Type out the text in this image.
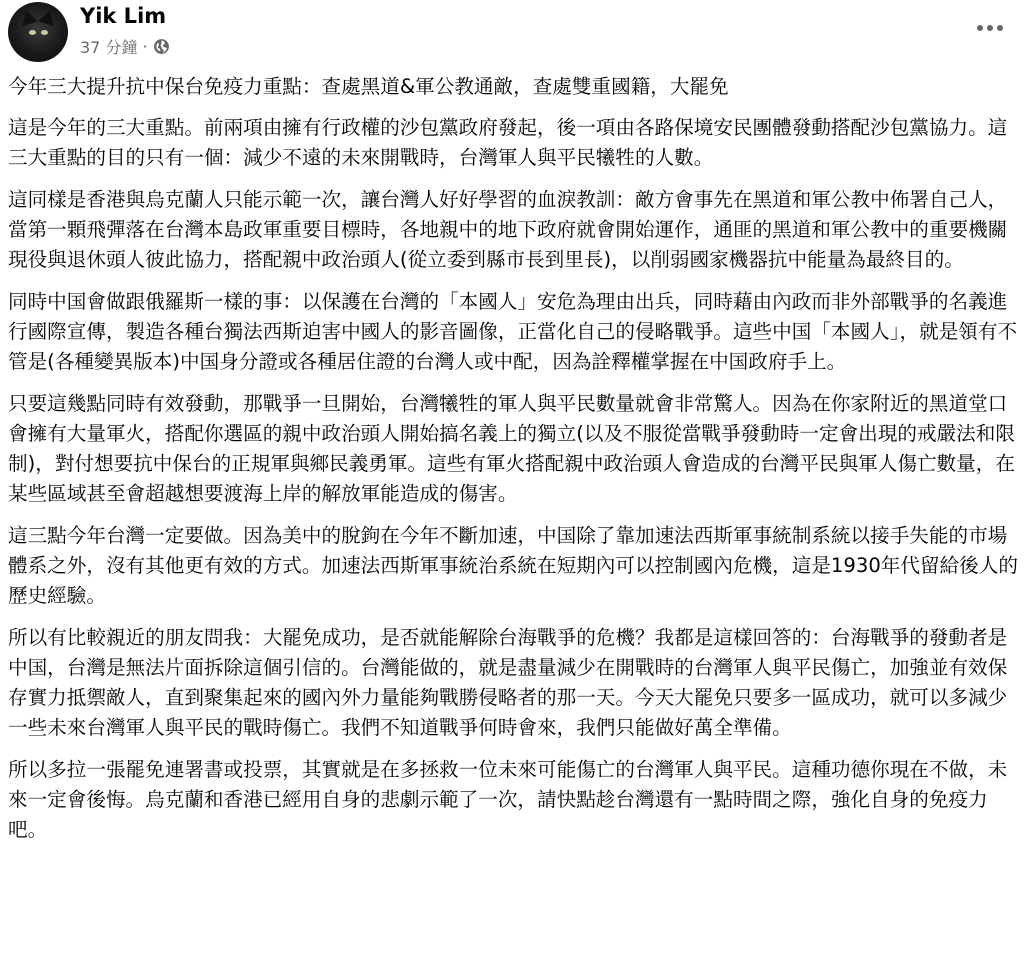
Yik Lim
37 分鐘 ·

今年三大提升抗中保台免疫力重點：查處黑道&軍公教通敵，查處雙重國籍，大罷免

這是今年的三大重點。前兩項由擁有行政權的沙包黨政府發起，後一項由各路保境安民團體發動搭配沙包黨協力。這三大重點的目的只有一個：減少不遠的未來開戰時，台灣軍人與平民犧牲的人數。

這同樣是香港與烏克蘭人只能示範一次，讓台灣人好好學習的血淚教訓：敵方會事先在黑道和軍公教中佈署自己人，當第一顆飛彈落在台灣本島政軍重要目標時，各地親中的地下政府就會開始運作，通匪的黑道和軍公教中的重要機關現役與退休頭人彼此協力，搭配親中政治頭人(從立委到縣市長到里長)，以削弱國家機器抗中能量為最終目的。

同時中国會做跟俄羅斯一樣的事：以保護在台灣的「本國人」安危為理由出兵，同時藉由內政而非外部戰爭的名義進行國際宣傳，製造各種台獨法西斯迫害中國人的影音圖像，正當化自己的侵略戰爭。這些中国「本國人」，就是領有不管是(各種變異版本)中国身分證或各種居住證的台灣人或中配，因為詮釋權掌握在中国政府手上。

只要這幾點同時有效發動，那戰爭一旦開始，台灣犧牲的軍人與平民數量就會非常驚人。因為在你家附近的黑道堂口會擁有大量軍火，搭配你選區的親中政治頭人開始搞名義上的獨立(以及不服從當戰爭發動時一定會出現的戒嚴法和限制)，對付想要抗中保台的正規軍與鄉民義勇軍。這些有軍火搭配親中政治頭人會造成的台灣平民與軍人傷亡數量，在某些區域甚至會超越想要渡海上岸的解放軍能造成的傷害。

這三點今年台灣一定要做。因為美中的脫鉤在今年不斷加速，中国除了靠加速法西斯軍事統制系統以接手失能的市場體系之外，沒有其他更有效的方式。加速法西斯軍事統治系統在短期內可以控制國內危機，這是1930年代留給後人的歷史經驗。

所以有比較親近的朋友問我：大罷免成功，是否就能解除台海戰爭的危機？我都是這樣回答的：台海戰爭的發動者是中国，台灣是無法片面拆除這個引信的。台灣能做的，就是盡量減少在開戰時的台灣軍人與平民傷亡，加強並有效保存實力抵禦敵人，直到聚集起來的國內外力量能夠戰勝侵略者的那一天。今天大罷免只要多一區成功，就可以多減少一些未來台灣軍人與平民的戰時傷亡。我們不知道戰爭何時會來，我們只能做好萬全準備。

所以多拉一張罷免連署書或投票，其實就是在多拯救一位未來可能傷亡的台灣軍人與平民。這種功德你現在不做，未來一定會後悔。烏克蘭和香港已經用自身的悲劇示範了一次，請快點趁台灣還有一點時間之際，強化自身的免疫力吧。
